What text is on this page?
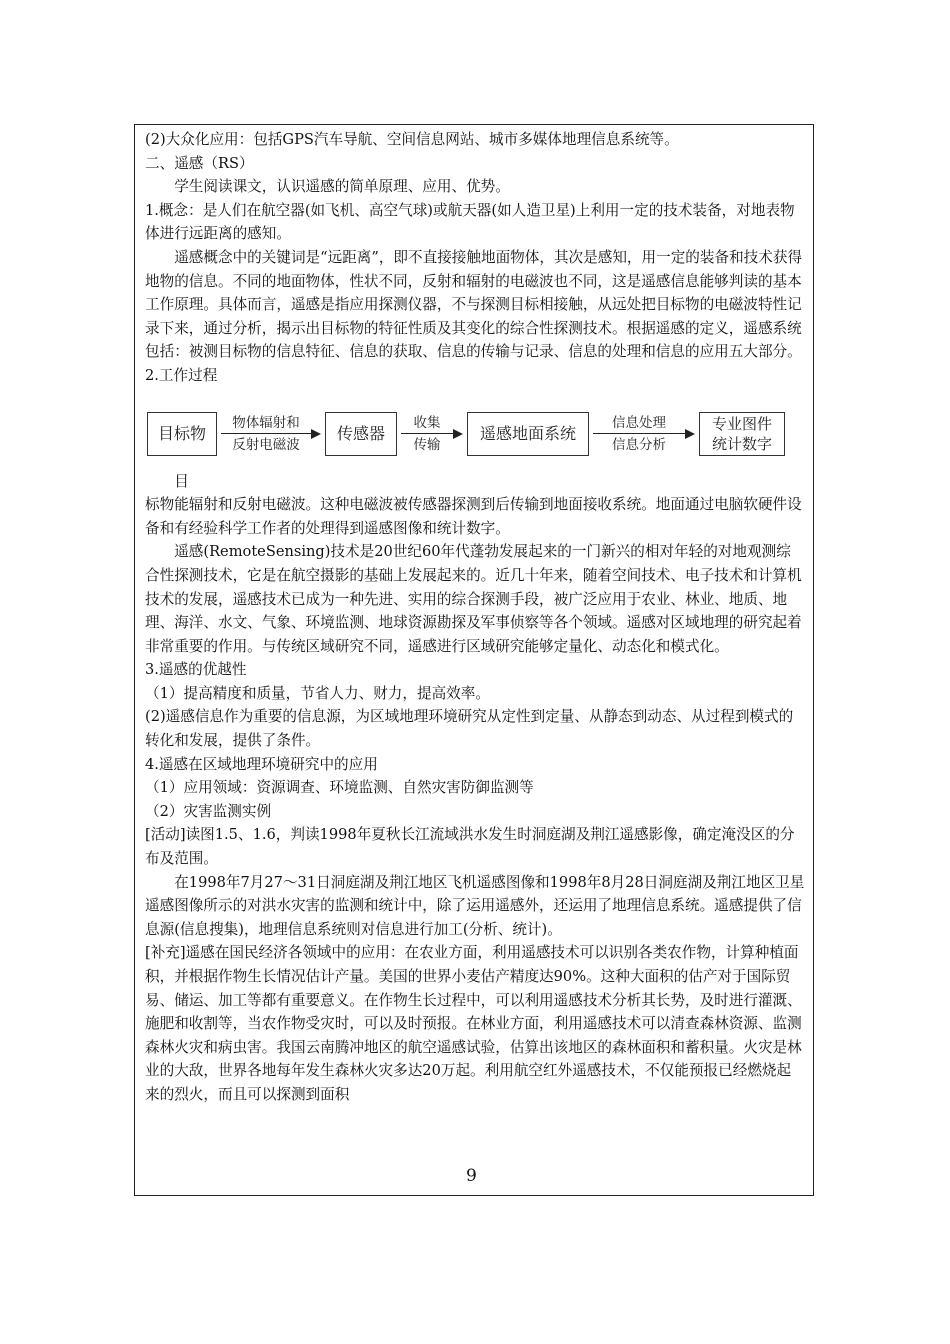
(2)大众化应用：包括GPS汽车导航、空间信息网站、城市多媒体地理信息系统等。

二、遥感（RS）

学生阅读课文，认识遥感的简单原理、应用、优势。

1.概念：是人们在航空器(如飞机、高空气球)或航天器(如人造卫星)上利用一定的技术装备，对地表物体进行远距离的感知。

遥感概念中的关键词是“远距离”，即不直接接触地面物体，其次是感知，用一定的装备和技术获得地物的信息。不同的地面物体，性状不同，反射和辐射的电磁波也不同，这是遥感信息能够判读的基本工作原理。具体而言，遥感是指应用探测仪器，不与探测目标相接触，从远处把目标物的电磁波特性记录下来，通过分析，揭示出目标物的特征性质及其变化的综合性探测技术。根据遥感的定义，遥感系统包括：被测目标物的信息特征、信息的获取、信息的传输与记录、信息的处理和信息的应用五大部分。

2.工作过程

目标物
物体辐射和
反射电磁波
传感器
收集
传输
遥感地面系统
信息处理
信息分析
专业图件
统计数字

目

标物能辐射和反射电磁波。这种电磁波被传感器探测到后传输到地面接收系统。地面通过电脑软硬件设备和有经验科学工作者的处理得到遥感图像和统计数字。

遥感(RemoteSensing)技术是20世纪60年代蓬勃发展起来的一门新兴的相对年轻的对地观测综合性探测技术，它是在航空摄影的基础上发展起来的。近几十年来，随着空间技术、电子技术和计算机技术的发展，遥感技术已成为一种先进、实用的综合探测手段，被广泛应用于农业、林业、地质、地理、海洋、水文、气象、环境监测、地球资源勘探及军事侦察等各个领域。遥感对区域地理的研究起着非常重要的作用。与传统区域研究不同，遥感进行区域研究能够定量化、动态化和模式化。

3.遥感的优越性

（1）提高精度和质量，节省人力、财力，提高效率。

(2)遥感信息作为重要的信息源，为区域地理环境研究从定性到定量、从静态到动态、从过程到模式的转化和发展，提供了条件。

4.遥感在区域地理环境研究中的应用

（1）应用领域：资源调查、环境监测、自然灾害防御监测等

（2）灾害监测实例

[活动]读图1.5、1.6，判读1998年夏秋长江流域洪水发生时洞庭湖及荆江遥感影像，确定淹没区的分布及范围。

在1998年7月27～31日洞庭湖及荆江地区飞机遥感图像和1998年8月28日洞庭湖及荆江地区卫星遥感图像所示的对洪水灾害的监测和统计中，除了运用遥感外，还运用了地理信息系统。遥感提供了信息源(信息搜集)，地理信息系统则对信息进行加工(分析、统计)。

[补充]遥感在国民经济各领域中的应用：在农业方面，利用遥感技术可以识别各类农作物，计算种植面积，并根据作物生长情况估计产量。美国的世界小麦估产精度达90%。这种大面积的估产对于国际贸易、储运、加工等都有重要意义。在作物生长过程中，可以利用遥感技术分析其长势，及时进行灌溉、施肥和收割等，当农作物受灾时，可以及时预报。在林业方面，利用遥感技术可以清查森林资源、监测森林火灾和病虫害。我国云南腾冲地区的航空遥感试验，估算出该地区的森林面积和蓄积量。火灾是林业的大敌，世界各地每年发生森林火灾多达20万起。利用航空红外遥感技术，不仅能预报已经燃烧起来的烈火，而且可以探测到面积

9
